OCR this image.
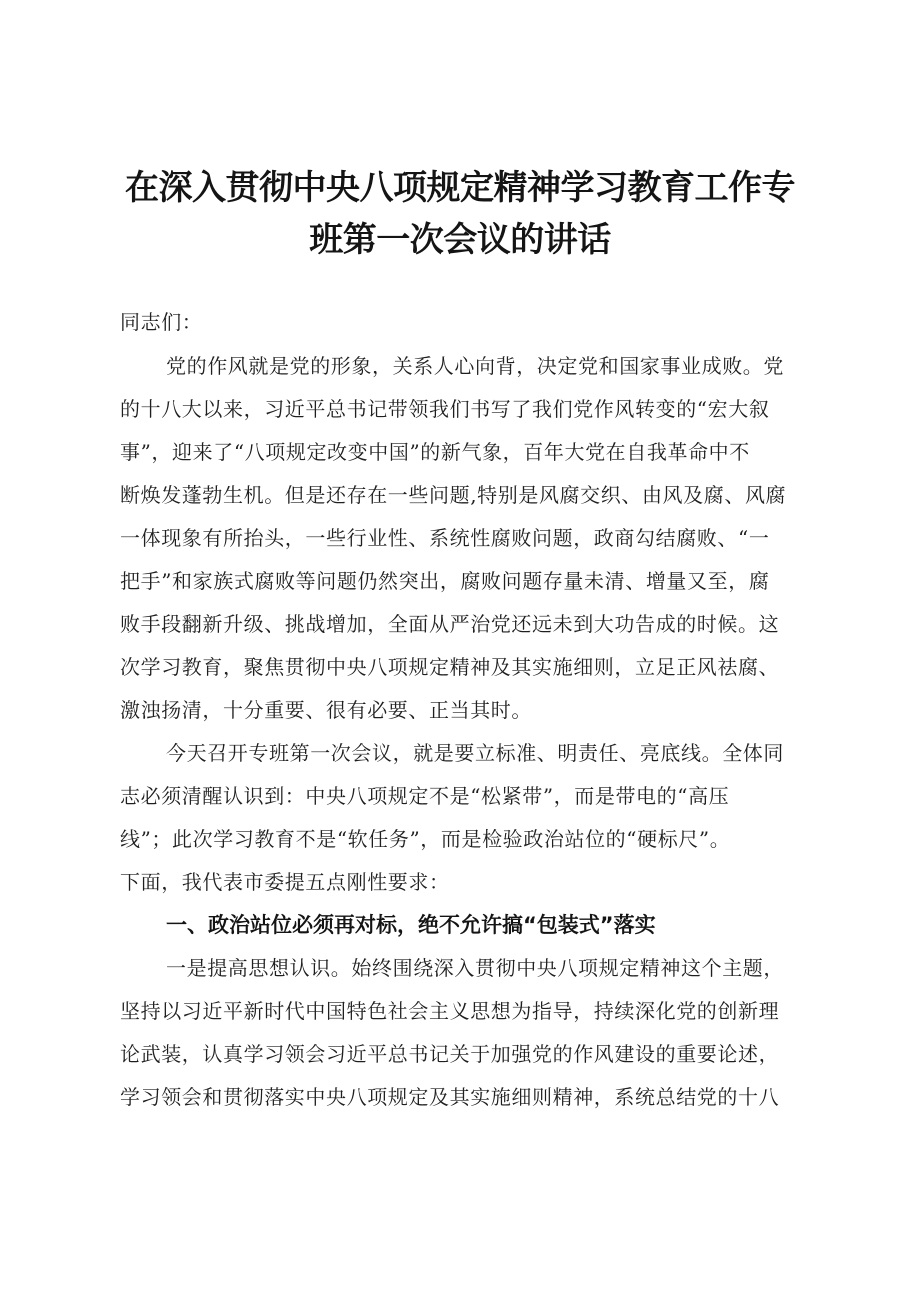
在深入贯彻中央八项规定精神学习教育工作专
班第一次会议的讲话
同志们：
党的作风就是党的形象，关系人心向背，决定党和国家事业成败。党
的十八大以来，习近平总书记带领我们书写了我们党作风转变的“宏大叙
事”，迎来了“八项规定改变中国”的新气象，百年大党在自我革命中不
断焕发蓬勃生机。但是还存在一些问题,特别是风腐交织、由风及腐、风腐
一体现象有所抬头，一些行业性、系统性腐败问题，政商勾结腐败、“一
把手”和家族式腐败等问题仍然突出，腐败问题存量未清、增量又至，腐
败手段翻新升级、挑战增加，全面从严治党还远未到大功告成的时候。这
次学习教育，聚焦贯彻中央八项规定精神及其实施细则，立足正风祛腐、
激浊扬清，十分重要、很有必要、正当其时。
今天召开专班第一次会议，就是要立标准、明责任、亮底线。全体同
志必须清醒认识到：中央八项规定不是“松紧带”，而是带电的“高压
线”；此次学习教育不是“软任务”，而是检验政治站位的“硬标尺”。
下面，我代表市委提五点刚性要求：
一、政治站位必须再对标，绝不允许搞“包装式”落实
一是提高思想认识。始终围绕深入贯彻中央八项规定精神这个主题，
坚持以习近平新时代中国特色社会主义思想为指导，持续深化党的创新理
论武装，认真学习领会习近平总书记关于加强党的作风建设的重要论述，
学习领会和贯彻落实中央八项规定及其实施细则精神，系统总结党的十八
